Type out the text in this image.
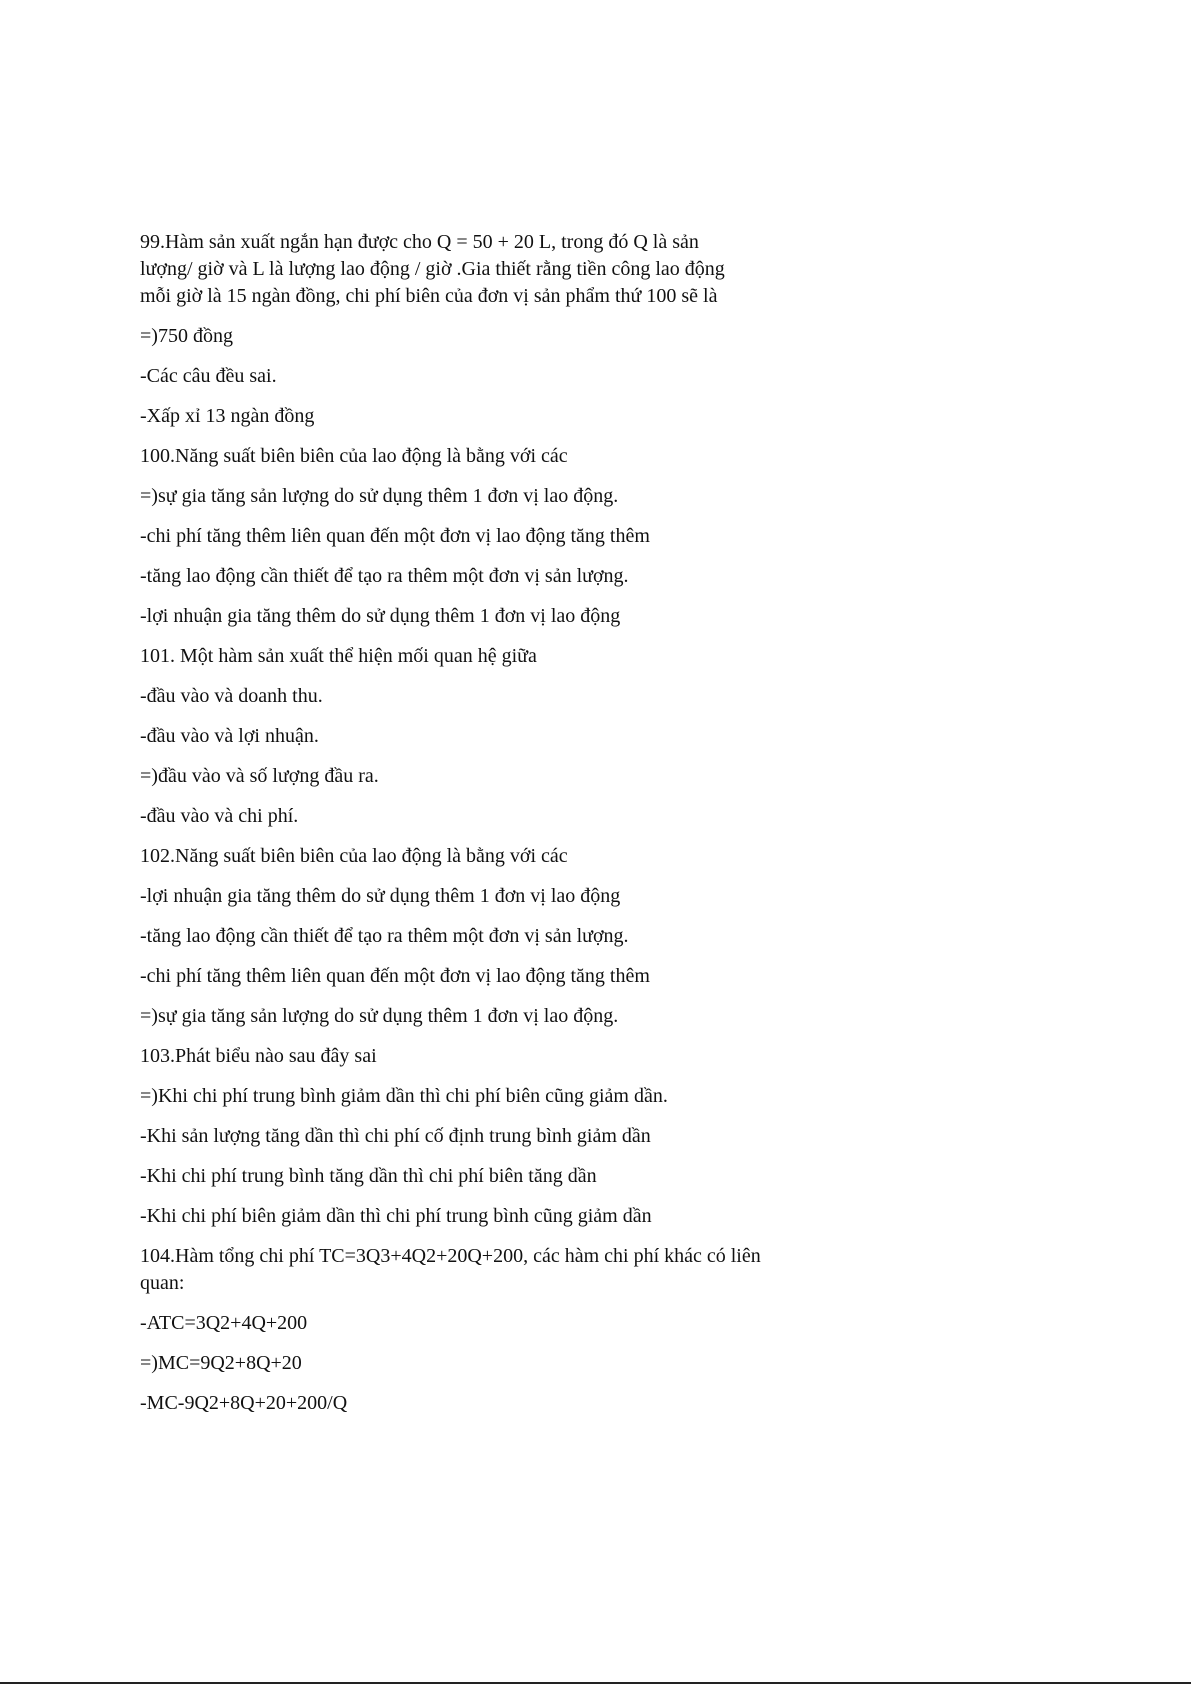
99.Hàm sản xuất ngắn hạn được cho Q = 50 + 20 L, trong đó Q là sản
lượng/ giờ và L là lượng lao động / giờ .Gia thiết rằng tiền công lao động
mỗi giờ là 15 ngàn đồng, chi phí biên của đơn vị sản phẩm thứ 100 sẽ là
=)750 đồng
-Các câu đều sai.
-Xấp xỉ 13 ngàn đồng
100.Năng suất biên biên của lao động là bằng với các
=)sự gia tăng sản lượng do sử dụng thêm 1 đơn vị lao động.
-chi phí tăng thêm liên quan đến một đơn vị lao động tăng thêm
-tăng lao động cần thiết để tạo ra thêm một đơn vị sản lượng.
-lợi nhuận gia tăng thêm do sử dụng thêm 1 đơn vị lao động
101. Một hàm sản xuất thể hiện mối quan hệ giữa
-đầu vào và doanh thu.
-đầu vào và lợi nhuận.
=)đầu vào và số lượng đầu ra.
-đầu vào và chi phí.
102.Năng suất biên biên của lao động là bằng với các
-lợi nhuận gia tăng thêm do sử dụng thêm 1 đơn vị lao động
-tăng lao động cần thiết để tạo ra thêm một đơn vị sản lượng.
-chi phí tăng thêm liên quan đến một đơn vị lao động tăng thêm
=)sự gia tăng sản lượng do sử dụng thêm 1 đơn vị lao động.
103.Phát biểu nào sau đây sai
=)Khi chi phí trung bình giảm dần thì chi phí biên cũng giảm dần.
-Khi sản lượng tăng dần thì chi phí cố định trung bình giảm dần
-Khi chi phí trung bình tăng dần thì chi phí biên tăng dần
-Khi chi phí biên giảm dần thì chi phí trung bình cũng giảm dần
104.Hàm tổng chi phí TC=3Q3+4Q2+20Q+200, các hàm chi phí khác có liên
quan:
-ATC=3Q2+4Q+200
=)MC=9Q2+8Q+20
-MC-9Q2+8Q+20+200/Q
